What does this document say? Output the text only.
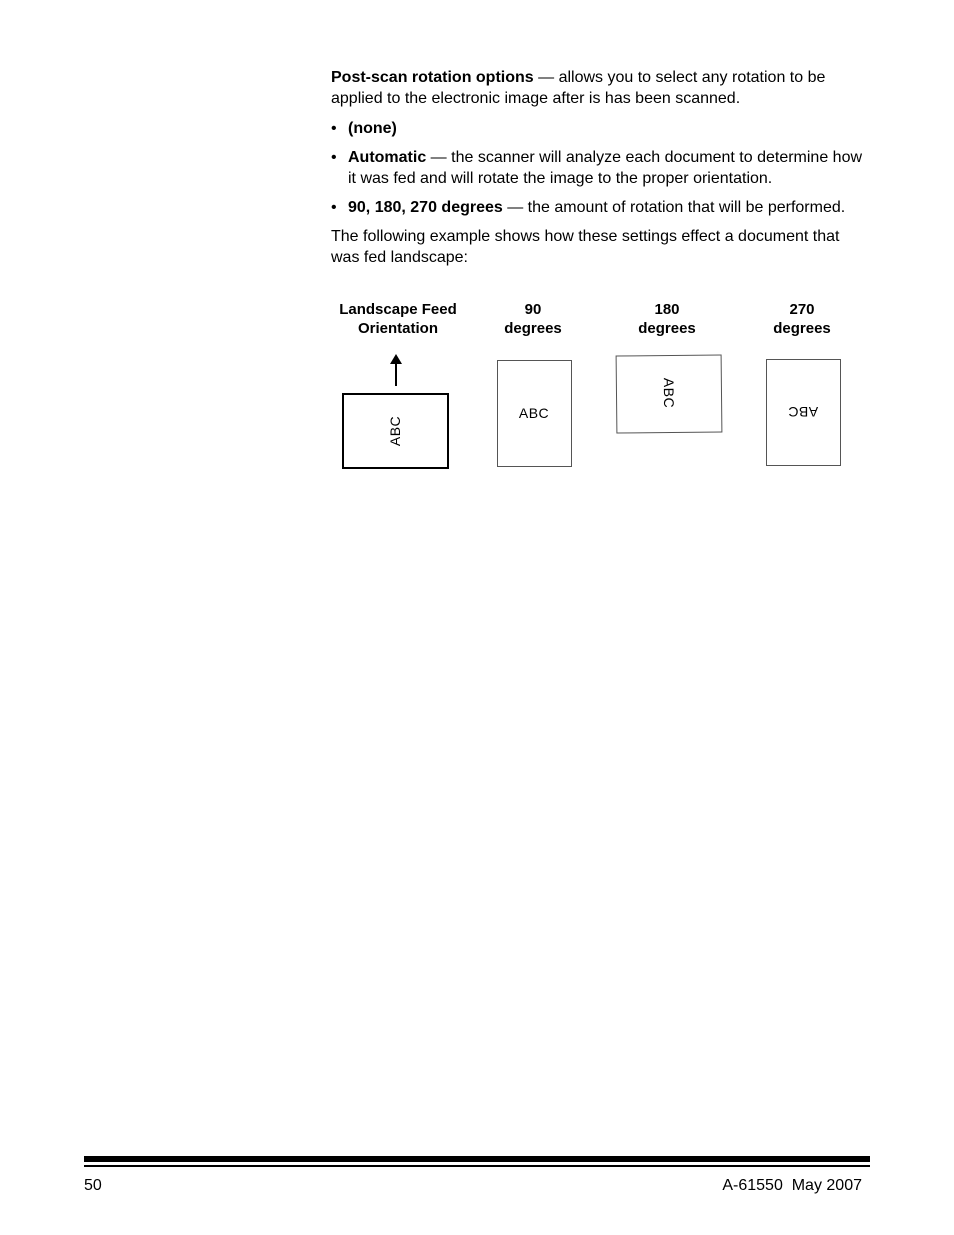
Post-scan rotation options — allows you to select any rotation to be applied to the electronic image after is has been scanned.

• (none)

• Automatic — the scanner will analyze each document to determine how it was fed and will rotate the image to the proper orientation.

• 90, 180, 270 degrees — the amount of rotation that will be performed.

The following example shows how these settings effect a document that was fed landscape:

Landscape Feed
Orientation
90
degrees
180
degrees
270
degrees
ABC
ABC
ABC
ABC
50	A-61550  May 2007
